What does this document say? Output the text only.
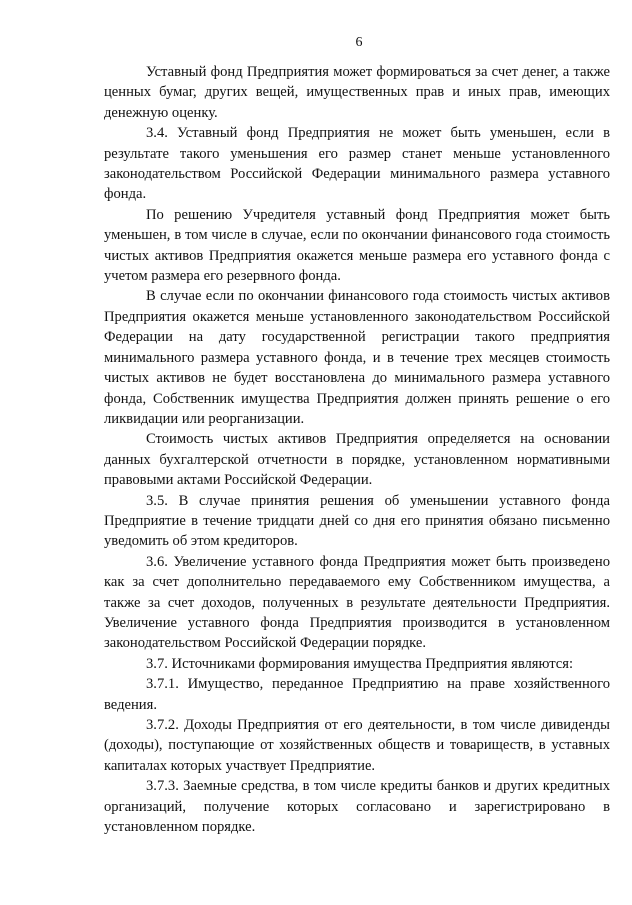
6

Уставный фонд Предприятия может формироваться за счет денег, а также ценных бумаг, других вещей, имущественных прав и иных прав, имеющих денежную оценку.

3.4. Уставный фонд Предприятия не может быть уменьшен, если в результате такого уменьшения его размер станет меньше установленного законодательством Российской Федерации минимального размера уставного фонда.

По решению Учредителя уставный фонд Предприятия может быть уменьшен, в том числе в случае, если по окончании финансового года стоимость чистых активов Предприятия окажется меньше размера его уставного фонда с учетом размера его резервного фонда.

В случае если по окончании финансового года стоимость чистых активов Предприятия окажется меньше установленного законодательством Российской Федерации на дату государственной регистрации такого предприятия минимального размера уставного фонда, и в течение трех месяцев стоимость чистых активов не будет восстановлена до минимального размера уставного фонда, Собственник имущества Предприятия должен принять решение о его ликвидации или реорганизации.

Стоимость чистых активов Предприятия определяется на основании данных бухгалтерской отчетности в порядке, установленном нормативными правовыми актами Российской Федерации.

3.5. В случае принятия решения об уменьшении уставного фонда Предприятие в течение тридцати дней со дня его принятия обязано письменно уведомить об этом кредиторов.

3.6. Увеличение уставного фонда Предприятия может быть произведено как за счет дополнительно передаваемого ему Собственником имущества, а также за счет доходов, полученных в результате деятельности Предприятия. Увеличение уставного фонда Предприятия производится в установленном законодательством Российской Федерации порядке.

3.7. Источниками формирования имущества Предприятия являются:

3.7.1. Имущество, переданное Предприятию на праве хозяйственного ведения.

3.7.2. Доходы Предприятия от его деятельности, в том числе дивиденды (доходы), поступающие от хозяйственных обществ и товариществ, в уставных капиталах которых участвует Предприятие.

3.7.3. Заемные средства, в том числе кредиты банков и других кредитных организаций, получение которых согласовано и зарегистрировано в установленном порядке.
